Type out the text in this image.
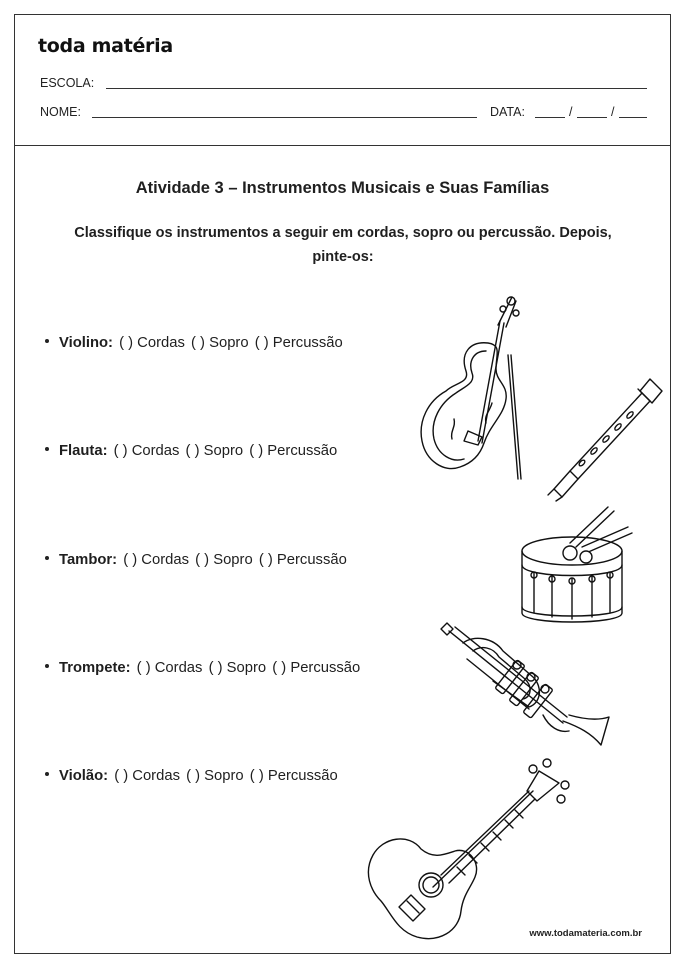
toda matéria
ESCOLA:
NOME:	DATA:	/	/
Atividade 3 – Instrumentos Musicais e Suas Famílias
Classifique os instrumentos a seguir em cordas, sopro ou percussão. Depois,
pinte-os:
Violino: ( ) Cordas ( ) Sopro ( ) Percussão
Flauta: ( ) Cordas ( ) Sopro ( ) Percussão
Tambor: ( ) Cordas ( ) Sopro ( ) Percussão
Trompete: ( ) Cordas ( ) Sopro ( ) Percussão
Violão: ( ) Cordas ( ) Sopro ( ) Percussão
www.todamateria.com.br
